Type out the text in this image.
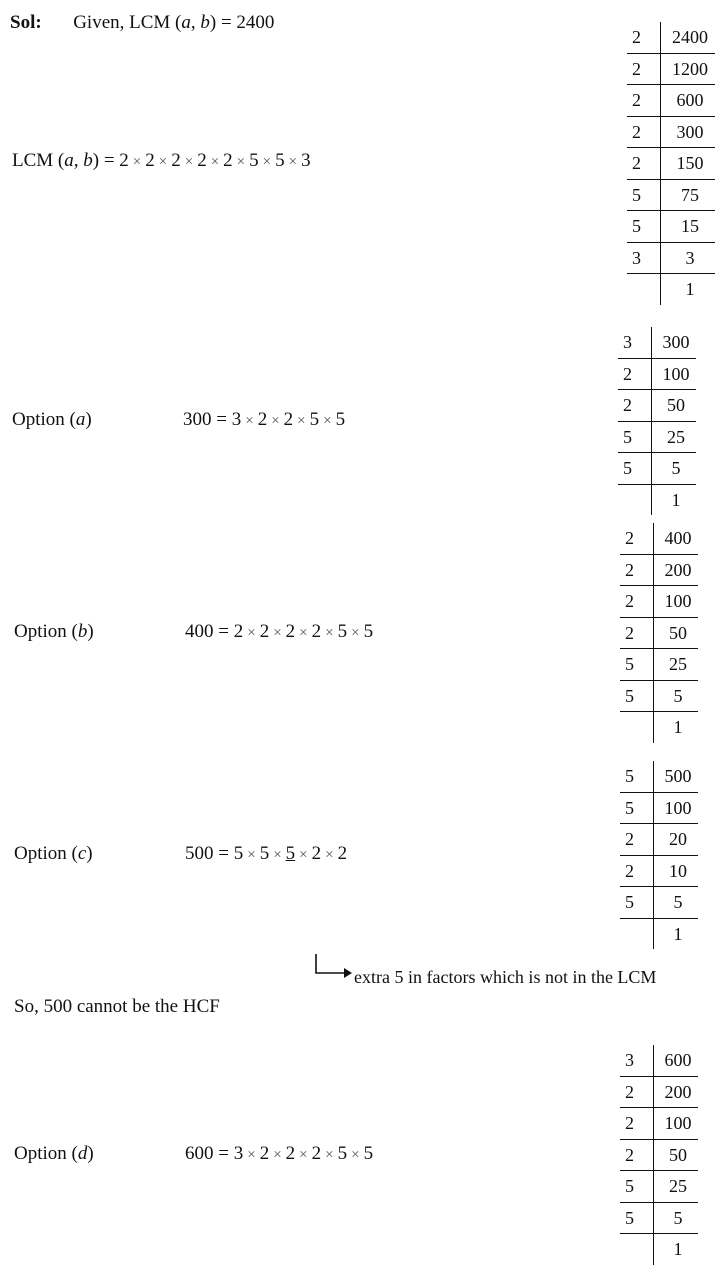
Sol: Given, LCM (a, b) = 2400
LCM (a, b) = 2 × 2 × 2 × 2 × 2 × 5 × 5 × 3
2	2400
2	1200
2	600
2	300
2	150
5	75
5	15
3	3
	1
Option (a)	300 = 3 × 2 × 2 × 5 × 5
3	300
2	100
2	50
5	25
5	5
	1
Option (b)	400 = 2 × 2 × 2 × 2 × 5 × 5
2	400
2	200
2	100
2	50
5	25
5	5
	1
Option (c)	500 = 5 × 5 × 5 × 2 × 2
5	500
5	100
2	20
2	10
5	5
	1
extra 5 in factors which is not in the LCM
So, 500 cannot be the HCF
Option (d)	600 = 3 × 2 × 2 × 2 × 5 × 5
3	600
2	200
2	100
2	50
5	25
5	5
	1
